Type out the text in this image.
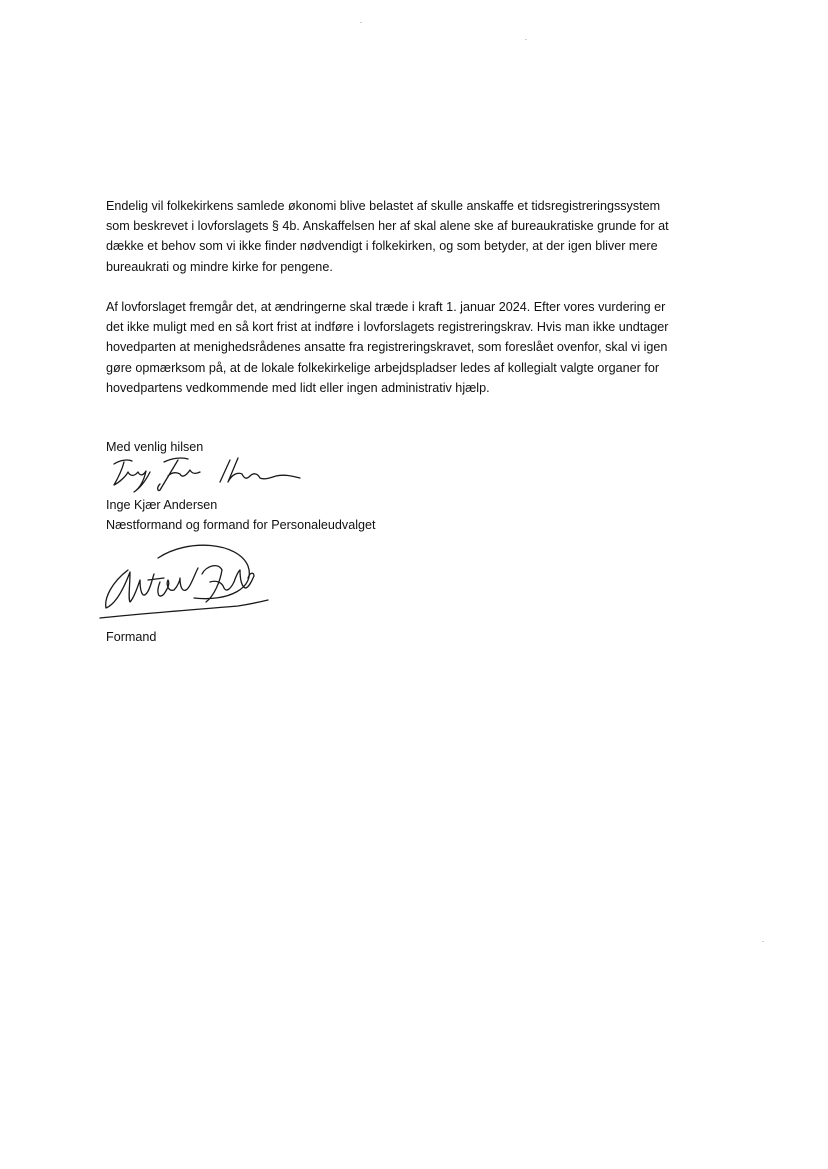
Endelig vil folkekirkens samlede økonomi blive belastet af skulle anskaffe et tidsregistreringssystem
som beskrevet i lovforslagets § 4b. Anskaffelsen her af skal alene ske af bureaukratiske grunde for at
dække et behov som vi ikke finder nødvendigt i folkekirken, og som betyder, at der igen bliver mere
bureaukrati og mindre kirke for pengene.

Af lovforslaget fremgår det, at ændringerne skal træde i kraft 1. januar 2024. Efter vores vurdering er
det ikke muligt med en så kort frist at indføre i lovforslagets registreringskrav. Hvis man ikke undtager
hovedparten at menighedsrådenes ansatte fra registreringskravet, som foreslået ovenfor, skal vi igen
gøre opmærksom på, at de lokale folkekirkelige arbejdspladser ledes af kollegialt valgte organer for
hovedpartens vedkommende med lidt eller ingen administrativ hjælp.

Med venlig hilsen

Inge Kjær Andersen

Næstformand og formand for Personaleudvalget

Formand
